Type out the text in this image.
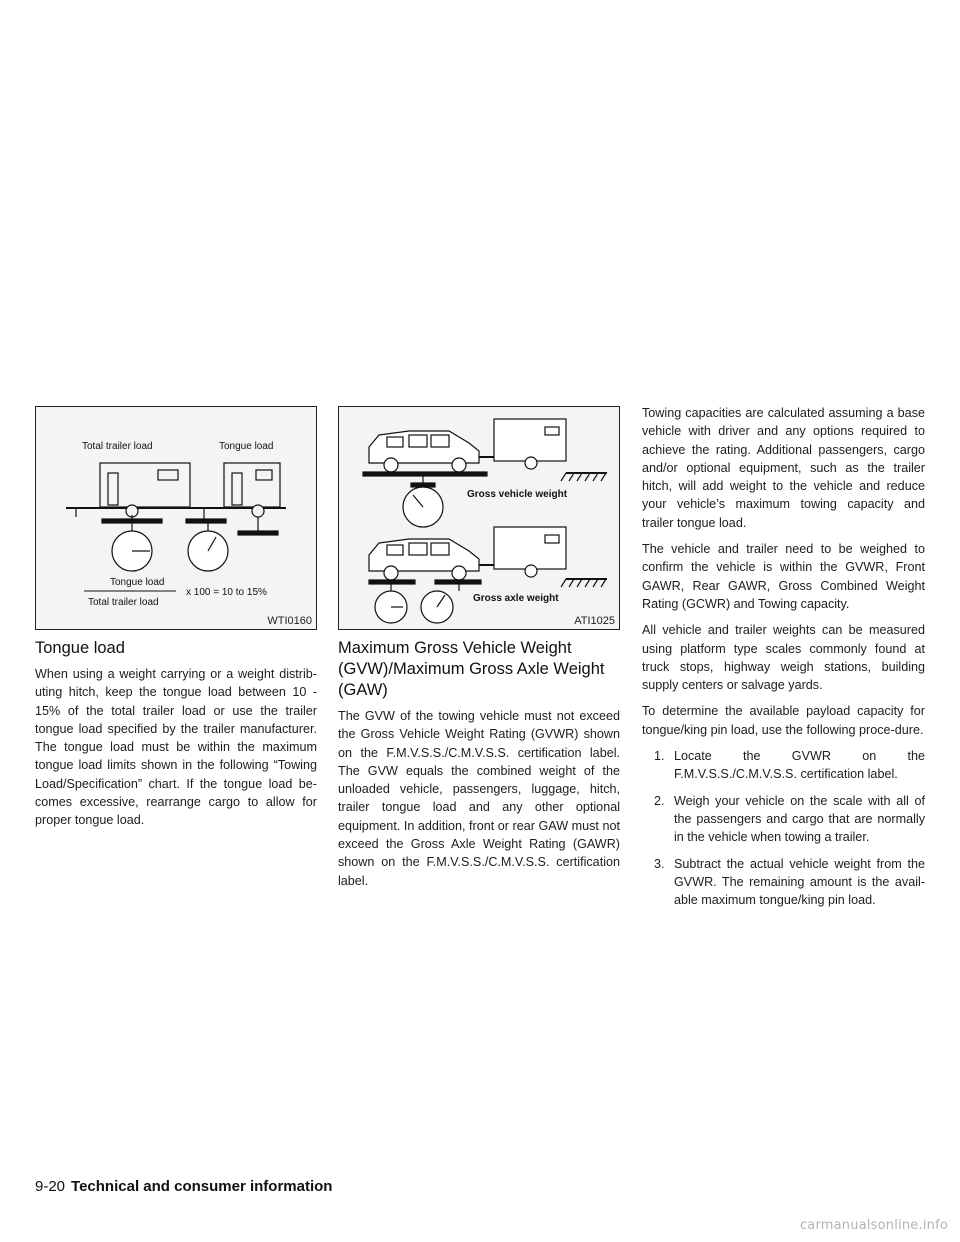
Total trailer load	Tongue load
Tongue load
Total trailer load
x 100 = 10 to 15%
WTI0160
Tongue load

When using a weight carrying or a weight distrib-uting hitch, keep the tongue load between 10 - 15% of the total trailer load or use the trailer tongue load specified by the trailer manufacturer. The tongue load must be within the maximum tongue load limits shown in the following “Towing Load/Specification” chart. If the tongue load be-comes excessive, rearrange cargo to allow for proper tongue load.

Gross vehicle weight
Gross axle weight
ATI1025
Maximum Gross Vehicle Weight (GVW)/Maximum Gross Axle Weight (GAW)

The GVW of the towing vehicle must not exceed the Gross Vehicle Weight Rating (GVWR) shown on the F.M.V.S.S./C.M.V.S.S. certification label. The GVW equals the combined weight of the unloaded vehicle, passengers, luggage, hitch, trailer tongue load and any other optional equipment. In addition, front or rear GAW must not exceed the Gross Axle Weight Rating (GAWR) shown on the F.M.V.S.S./C.M.V.S.S. certification label.

Towing capacities are calculated assuming a base vehicle with driver and any options required to achieve the rating. Additional passengers, cargo and/or optional equipment, such as the trailer hitch, will add weight to the vehicle and reduce your vehicle’s maximum towing capacity and trailer tongue load.

The vehicle and trailer need to be weighed to confirm the vehicle is within the GVWR, Front GAWR, Rear GAWR, Gross Combined Weight Rating (GCWR) and Towing capacity.

All vehicle and trailer weights can be measured using platform type scales commonly found at truck stops, highway weigh stations, building supply centers or salvage yards.

To determine the available payload capacity for tongue/king pin load, use the following proce-dure.

1. Locate the GVWR on the F.M.V.S.S./C.M.V.S.S. certification label.
2. Weigh your vehicle on the scale with all of the passengers and cargo that are normally in the vehicle when towing a trailer.
3. Subtract the actual vehicle weight from the GVWR. The remaining amount is the avail-able maximum tongue/king pin load.
9-20 Technical and consumer information
carmanualsonline.info
